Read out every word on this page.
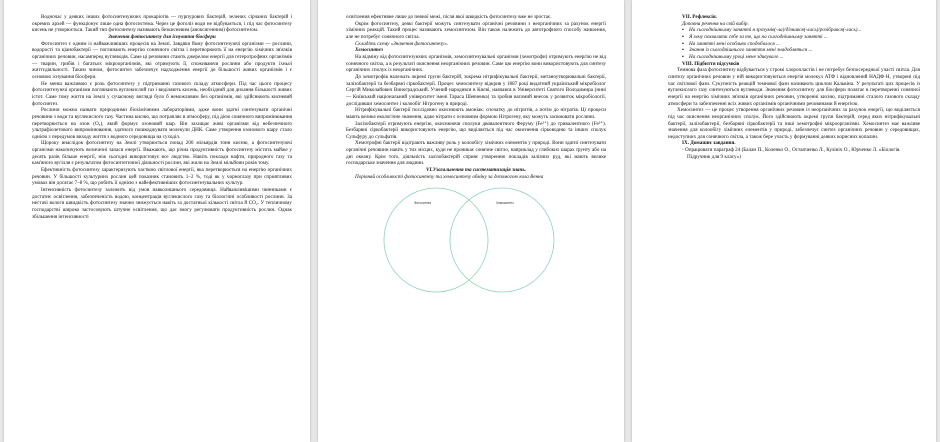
Водночас у деяких інших фотосинтезуючих прокаріотів — пурпурових бактерій, зелених сірчаних бактерій і окремих архей — функціонує лише одна фотосистема. Через це фотоліз води не відбувається, і під час фотосинтезу кисень не утворюється. Такий тип фотосинтезу називають безкисневим (аноксигенним) фотосинтезом.

Значення фотосинтезу для існування біосфери

Фотосинтез є одним із найважливіших процесів на Землі. Завдяки йому фотосинтезуючі організми — рослини, водорості та ціанобактерії — поглинають енергію сонячного світла і перетворюють її на енергію хімічних зв'язків органічних речовин, насамперед вуглеводів. Саме ці речовини стають джерелом енергії для гетеротрофних організмів — тварин, грибів і багатьох мікроорганізмів, які отримують її, споживаючи рослини або продукти їхньої життєдіяльності. Таким чином, фотосинтез забезпечує надходження енергії до більшості живих організмів і є основою існування біосфери.

Не менш важливою є роль фотосинтезу у підтриманні газового складу атмосфери. Під час цього процесу фотосинтезуючі організми поглинають вуглекислий газ і виділяють кисень, необхідний для дихання більшості живих істот. Саме тому життя на Землі у сучасному вигляді було б неможливим без організмів, які здійснюють кисневий фотосинтез.

Рослини можна назвати природними біохімічними лабораторіями, адже вони здатні синтезувати органічні речовини з води та вуглекислого газу. Частина кисню, що потрапляє в атмосферу, під дією сонячного випромінювання перетворюється на озон (O₃), який формує озоновий шар. Він захищає живі організми від небезпечного ультрафіолетового випромінювання, здатного пошкоджувати молекули ДНК. Саме утворення озонового шару стало однією з передумов виходу життя з водного середовища на суходіл.

Щороку внаслідок фотосинтезу на Землі утворюється понад 200 мільярдів тонн кисню, а фотосинтезуючі організми накопичують величезні запаси енергії. Вважають, що річна продуктивність фотосинтезу містить майже у десять разів більше енергії, ніж сьогодні використовує все людство. Навіть поклади нафти, природного газу та кам'яного вугілля є результатом фотосинтетичної діяльності рослин, які жили на Землі мільйони років тому.

Ефективність фотосинтезу характеризують часткою світлової енергії, яка перетворюється на енергію органічних речовин. У більшості культурних рослин цей показник становить 1–2 %, тоді як у чорноглазу при сприятливих умовах він досягає 7–8 %, що робить її однією з найефективніших фотосинтезувальних культур.

Інтенсивність фотосинтезу залежить від умов навколишнього середовища. Найважливішими чинниками є достатнє освітлення, забезпеченість водою, концентрація вуглекислого газу та біологічні особливості рослини. За нестачі вологи швидкість фотосинтезу значно знижується навіть за достатньої кількості світла й CO₂. У тепличному господарстві широко застосовують штучне освітлення, що дає змогу регулювати продуктивність рослин. Однак збільшення інтенсивності

освітлення ефективне лише до певної межі, після якої швидкість фотосинтезу вже не зростає.

Окрім фотосинтезу, деякі бактерії можуть синтезувати органічні речовини з неорганічних за рахунок енергії хімічних реакцій. Такий процес називають хемосинтезом. Він також належить до автотрофного способу живлення, але не потребує сонячного світла.

Складіть схему «Значення фотосинтезу».
Хемосинтез

На відміну від фотосинтезуючих організмів, хемосинтезувальні організми (хемотрофи) отримують енергію не від сонячного світла, а в результаті окиснення неорганічних речовин. Саме цю енергію вони використовують для синтезу органічних сполук із неорганічних.

До хемотрофів належать окремі групи бактерій, зокрема нітрифікувальні бактерії, метаноутворювальні бактерії, залізобактерії та безбарвні сіркобактерії. Процес хемосинтезу відкрив у 1887 році видатний український мікробіолог Сергій Миколайович Виноградський. Учений народився в Києві, навчався в Університеті Святого Володимира (нині — Київський національний університет імені Тараса Шевченка) та зробив вагомий внесок у розвиток мікробіології, дослідивши хемосинтез і колообіг Нітрогену в природі.

Нітрифікувальні бактерії послідовно окиснюють амоніак: спочатку до нітритів, а потім до нітратів. Ці процеси мають велике екологічне значення, адже нітрати є основним формою Нітрогену, яку можуть засвоювати рослини.

Залізобактерії отримують енергію, окиснюючи сполуки двовалентного Феруму (Fe²⁺) до тривалентного (Fe³⁺). Безбарвні сіркобактерії використовують енергію, що виділяється під час окиснення сірководню та інших сполук Сульфуру до сульфатів.

Хемотрофні бактерії відіграють важливу роль у колообігу хімічних елементів у природі. Вони здатні синтезувати органічні речовини навіть у тих місцях, куди не проникає сонячне світло, наприклад у глибоких шарах ґрунту або на дні океану. Крім того, діяльність залізобактерій сприяє утворенню покладів залізних руд, які мають велике господарське значення для людини.

VI.Узагальнення та систематизація знань.
Порівняй особливості фотосинтезу та хемосинтезу обміну за допомогою кола Венна
Фотосинтез	Хемосинтез
VII. Рефлексія.
Доповни речення на свій вибір.
▪ На сьогоднішньому занятті я зрозумів(-ла)/дізнався(-лась)/розібрався(-лась)...
▪ Я хочу похвалити себе за те, що на сьогоднішньому занятті ...
▪ На занятті мені особливо сподобалося ...
▪ Знання із сьогоднішнього заняття мені знадобляться ...
▪ На сьогоднішньому уроці мене здивувало ...
VIII. Підбиття підсумків

Темнова фаза фотосинтезу відбувається у стромі хлоропластів і не потребує безпосередньої участі світла. Для синтезу органічних речовин у ній використовуються енергія молекул АТФ і відновлений НАДФ·Н, утворені під час світлової фази. Сукупність реакцій темнової фази називають циклом Кальвіна. У результаті цих процесів із вуглекислого газу синтезуються вуглеводи. Значення фотосинтезу для біосфери полягає в перетворенні сонячної енергії на енергію хімічних зв'язків органічних речовин, утворенні кисню, підтриманні сталого газового складу атмосфери та забезпеченні всіх живих організмів органічними речовинами й енергією.

Хемосинтез — це процес утворення органічних речовин із неорганічних за рахунок енергії, що виділяється під час окиснення неорганічних сполук. Його здійснюють окремі групи бактерій, серед яких нітрифікувальні бактерії, залізобактерії, безбарвні сіркобактерії та інші хемотрофні мікроорганізми. Хемосинтез має важливе значення для колообігу хімічних елементів у природі, забезпечує синтез органічних речовин у середовищах, недоступних для сонячного світла, а також бере участь у формуванні деяких корисних копалин.

IX. Домашнє завдання.
- Опрацювати параграф 24 (Балан П., Коленко О., Остапченко Л., Кулініч О., Юрченко Л. «Біологія. Підручник для 9 класу»)
